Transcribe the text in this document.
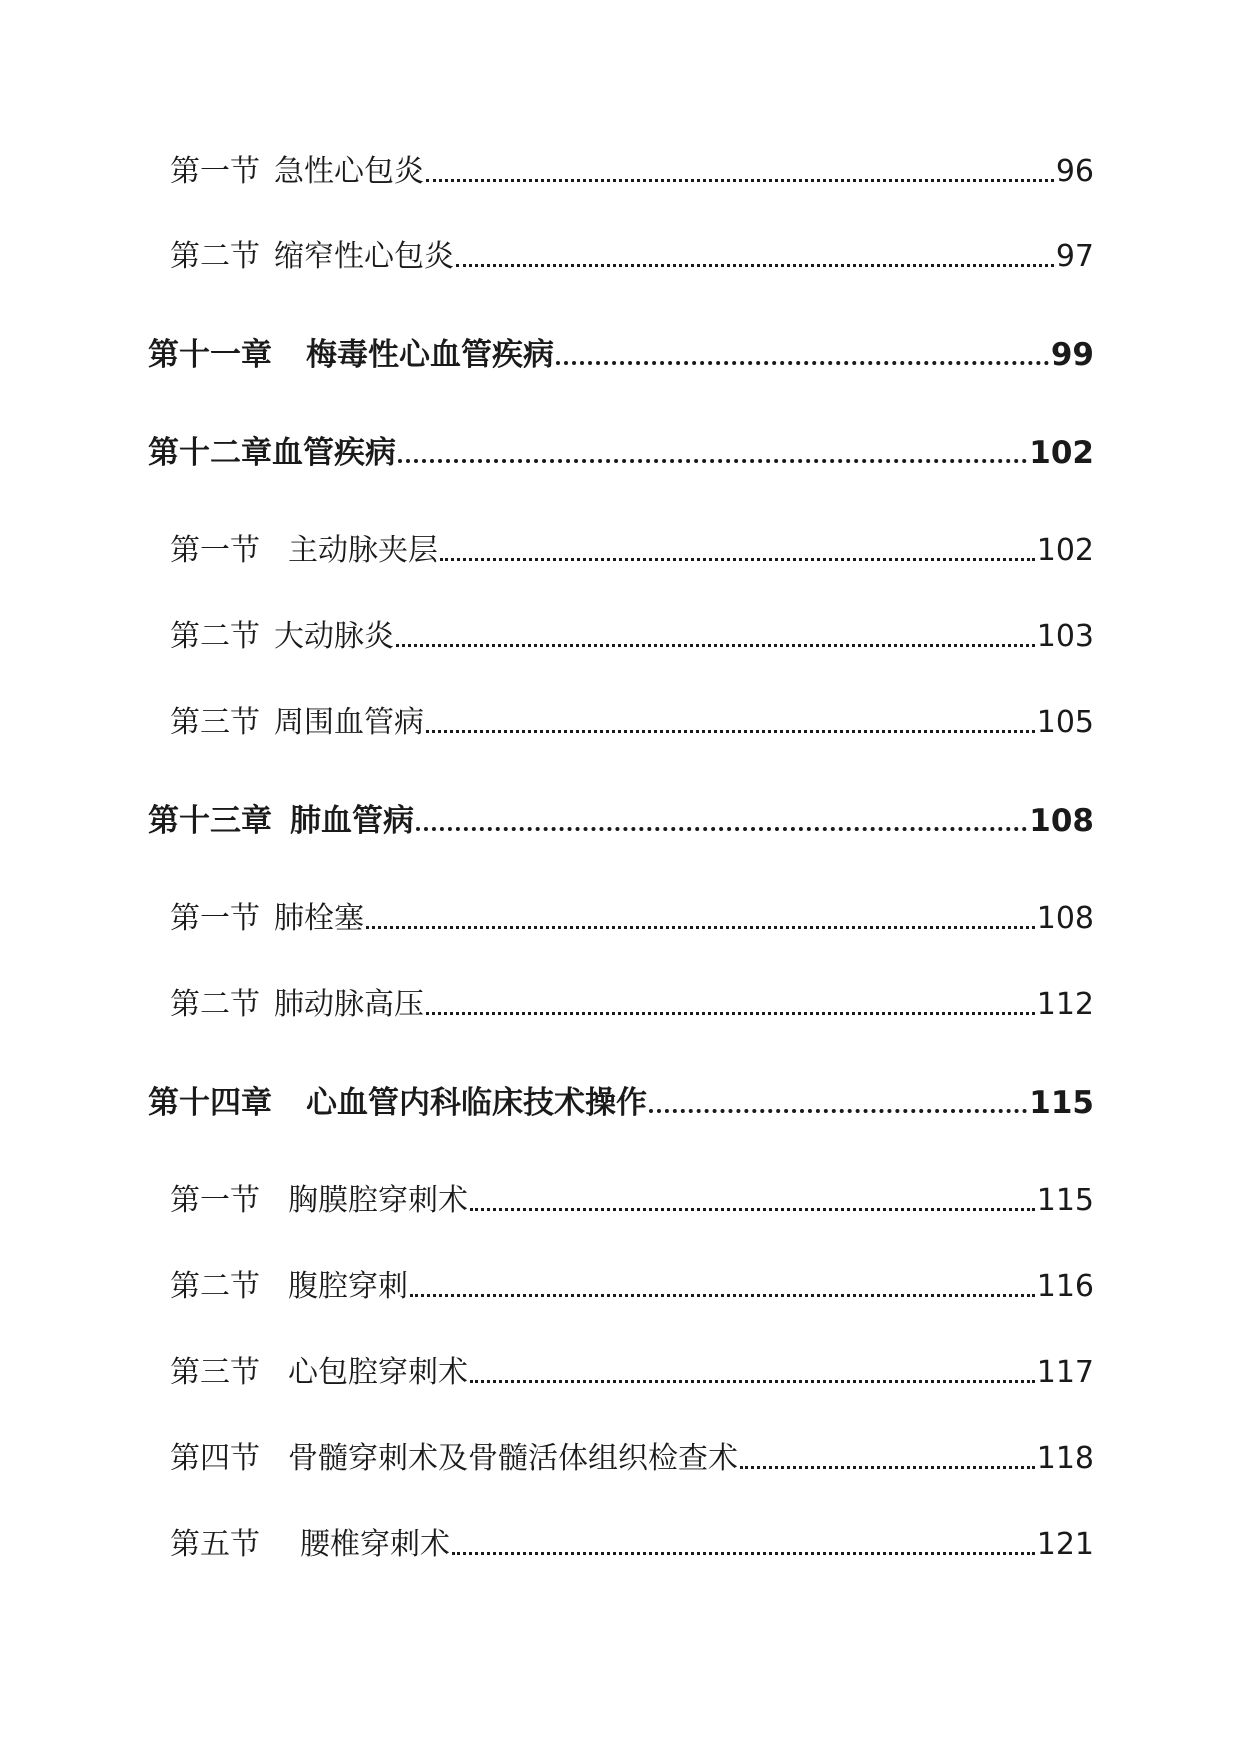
第一节 急性心包炎	96
第二节 缩窄性心包炎	97
第十一章 梅毒性心血管疾病	99
第十二章 血管疾病	102
第一节 主动脉夹层	102
第二节 大动脉炎	103
第三节 周围血管病	105
第十三章 肺血管病	108
第一节 肺栓塞	108
第二节 肺动脉高压	112
第十四章 心血管内科临床技术操作	115
第一节 胸膜腔穿刺术	115
第二节 腹腔穿刺	116
第三节 心包腔穿刺术	117
第四节 骨髓穿刺术及骨髓活体组织检查术	118
第五节 腰椎穿刺术	121
